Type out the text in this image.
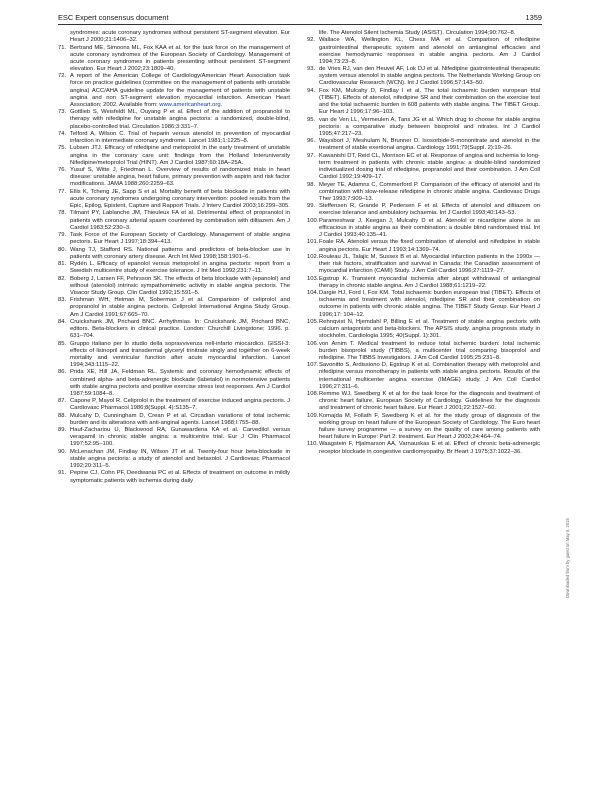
ESC Expert consensus document	1359
syndromes: acute coronary syndromes without persistent ST-segment elevation. Eur Heart J 2000;21:1406–32.
71. Bertrand ME, Simoons ML, Fox KAA et al. for the task force on the management of acute coronary syndromes of the European Society of Cardiology. Management of acute coronary syndromes in patients presenting without persistent ST-segment elevation. Eur Heart J 2002;23:1809–40.
72. A report of the American College of Cardiology/American Heart Association task force on practice guidelines (committee on the management of patients with unstable angina) ACC/AHA guideline update for the management of patients with unstable angina and non ST-segment elevation myocardial infarction. American Heart Association; 2002. Available from: www.americanheart.org.
73. Gottlieb S, Weisfeldt ML, Ouyang P et al. Effect of the addition of propranolol to therapy with nifedipine for unstable angina pectoris: a randomized, double-blind, placebo-controlled trial. Circulation 1986;3:331–7.
74. Telford A, Wilson C. Trial of heparin versus atenolol in prevention of myocardial infarction in intermediate coronary syndrome. Lancet 1981;1:1225–8.
75. Lubsen JTJ. Efficacy of nifedipine and metoprolol in the early treatment of unstable angina in the coronary care unit: findings from the Holland Interuniversity Nifedipine/metoprolol Trial (HINT). Am J Cardiol 1987;60:18A–25A.
76. Yusuf S, Witte J, Friedman L. Overview of results of randomized trials in heart disease: unstable angina, heart failure, primary prevention with aspirin and risk factor modifications. JAMA 1988;260:2259–63.
77. Ellis K, Tcheng JE, Sapp S et al. Mortality benefit of beta blockade in patients with acute coronary syndromes undergoing coronary intervention: pooled results from the Epic, Epilog, Epistent, Capture and Rapport Trials. J Interv Cardiol 2003;16:299–305.
78. Tilmant PY, Lablanche JM, Thieuleux FA et al. Detrimental effect of propranolol in patients with coronary arterial spasm countered by combination with diltiazem. Am J Cardiol 1983;52:230–3.
79. Task Force of the European Society of Cardiology. Management of stable angina pectoris. Eur Heart J 1997;18:394–413.
80. Wang TJ, Stafford RS. National patterns and predictors of beta-blocker use in patients with coronary artery disease. Arch Int Med 1998;158:1901–6.
81. Rydén L. Efficacy of epanolol versus metoprolol in angina pectoris: report from a Swedish multicentre study of exercise tolerance. J Int Med 1992;231:7–11.
82. Boberg J, Larsen FF, Pehrsson SK. The effects of beta blockade with (epanolol) and without (atenolol) intrinsic sympathomimetic activity in stable angina pectoris. The Visacor Study Group. Clin Cardiol 1992;15:591–5.
83. Frishman WH, Heiman M, Soberman J et al. Comparison of celiprolol and propranolol in stable angina pectoris. Celiprolol International Angina Study Group. Am J Cardiol 1991;67:665–70.
84. Cruickshank JM, Prichard BNC. Arrhythmias. In: Cruickshank JM, Prichard BNC, editors. Beta-blockers in clinical practice. London: Churchill Livingstone; 1996. p. 631–704.
85. Gruppo italiano per lo studio della sopravvivenza nell-infarto miocardico. GISSI-3: effects of lisinopril and transdermal glyceryl trinitrate singly and together on 6-week mortality and ventricular function after acute myocardial infarction. Lancet 1994;343:1115–22.
86. Prida XE, Hill JA, Feldman RL. Systemic and coronary hemodynamic effects of combined alpha- and beta-adrenergic blockade (labetalol) in normotensive patients with stable angina pectoris and positive exercise stress test responses. Am J Cardiol 1987;59:1084–8.
87. Capone P, Mayol R. Celiprolol in the treatment of exercise induced angina pectoris. J Cardiovasc Pharmacol 1986;8(Suppl. 4):S135–7.
88. Mulcahy D, Cunningham D, Crean P et al. Circadian variations of total ischemic burden and its alterations with anti-anginal agents. Lancet 1988;I:755–88.
89. Hauf-Zachariou U, Blackwood RA, Gunawardena KA et al. Carvedilol versus verapamil in chronic stable angina: a multicentre trial. Eur J Clin Pharmacol 1997;52:95–100.
90. McLenachan JM, Findlay IN, Wilson JT et al. Twenty-four hour beta-blockade in stable angina pectoris: a study of atenolol and betaxolol. J Cardiovasc Pharmacol 1992;20:311–5.
91. Pepine CJ, Cohn PF, Deedwania PC et al. Effects of treatment on outcome in mildly symptomatic patients with ischemia during daily
life. The Atenolol Silent Ischemia Study (ASIST). Circulation 1994;90:762–8.
92. Wallace WA, Wellington KL, Chess MA et al. Comparison of nifedipine gastrointestinal therapeutic system and atenolol on antianginal efficacies and exercise hemodynamic responses in stable angina pectoris. Am J Cardiol 1994;73:23–8.
93. de Vries RJ, van den Heuvel AF, Lok DJ et al. Nifedipine gastrointestinal therapeutic system versus atenolol in stable angina pectoris. The Netherlands Working Group on Cardiovascular Research (WCN). Int J Cardiol 1996;57:143–50.
94. Fox KM, Mulcahy D, Findlay I et al. The total ischaemic burden european trial (TIBET). Effects of atenolol, nifedipine SR and their combination on the exercise test and the total ischaemic burden in 608 patients with stable angina. The TIBET Group. Eur Heart J 1996;17:96–103.
95. van de Ven LL, Vermeulen A, Tans JG et al. Which drug to choose for stable angina pectoris: a comparative study between bisoprolol and nitrates. Int J Cardiol 1995;47:217–23.
96. Waysbort J, Meshulam N, Brunner D. Isosorbide-5-mononitrate and atenolol in the treatment of stable exertional angina. Cardiology 1991;79(Suppl. 2):19–26.
97. Kawanishi DT, Reid CL, Morrison EC et al. Response of angina and ischemia to long-term treatment in patients with chronic stable angina: a double-blind randomized individualized dosing trial of nifedipine, propranolol and their combination. J Am Coll Cardiol 1992;19:409–17.
98. Meyer TE, Adamns C, Commerford P. Comparison of the efficacy of atenolol and its combination with slow-release nifedipine in chronic stable angina. Cardiovasc Drugs Ther 1993;7:909–13.
99. Steffensen R, Grande P, Pedersen F et al. Effects of atenolol and diltiazem on exercise tolerance and ambulatory ischaemia. Int J Cardiol 1993;40:143–53.
100. Parameshwar J, Keegan J, Mulcahy D et al. Atenolol or nicardipine alone is as efficacious in stable angina as their combination: a double blind randomised trial. Int J Cardiol 1993;40:135–41.
101. Foale RA. Atenolol versus the fixed combination of atenolol and nifedipine in stable angina pectoris. Eur Heart J 1993;14:1369–74.
102. Rouleau JL, Talajic M, Sussex B et al. Myocardial infarction patients in the 1990s — their risk factors, stratification and survival in Canada: the Canadian assessment of myocardial infarction (CAMI) Study. J Am Coll Cardiol 1996;27:1119–27.
103. Egstrup K. Transient myocardial ischemia after abrupt withdrawal of antianginal therapy in chronic stable angina. Am J Cardiol 1988;61:1219–22.
104. Dargie HJ, Ford I, Fox KM. Total ischaemic burden european trial (TIBET). Effects of ischaemia and treatment with atenolol, nifedipine SR and their combination on outcome in patients with chronic stable angina. The TIBET Study Group. Eur Heart J 1996;17: 104–12.
105. Rehnqvist N, Hjemdahl P, Billing E et al. Treatment of stable angina pectoris with calcium antagonists and beta-blockers. The APSIS study. angina prognosis study in stockholm. Cardiologia 1995; 40(Suppl. 1):301.
106. von Arnim T. Medical treatment to reduce total ischemic burden: total ischemic burden bisoprolol study (TIBBS), a multicenter trial comparing bisoprolol and nifedipine. The TIBBS Investigators. J Am Coll Cardiol 1995;25:231–8.
107. Savonitto S, Ardissiono D, Egstrup K et al. Combination therapy with metoprolol and nifedipine versus monotherapy in patients with stable angina pectoris. Results of the international multicenter angina exercise (IMAGE) study. J Am Coll Cardiol 1996;27:311–6.
108. Remme WJ, Swedberg K et al for the task force for the diagnosis and treatment of chronic heart failure, European Society of Cardiology. Guidelines for the diagnosis and treatment of chronic heart failure. Eur Heart J 2001;22:1527–60.
109. Komajda M, Follath F, Swedberg K et al. for the study group of diagnosis of the working group on heart failure of the European Society of Cardiology. The Euro heart failure survey programme — a survey on the quality of care among patients with heart failure in Europe: Part 2: treatment. Eur Heart J 2003;24:464–74.
110. Waagstein F, Hjalmarson AA, Varnauskas E et al. Effect of chronic beta-adrenergic receptor blockade in congestive cardiomyopathy. Br Heart J 1975;37:1022–36.
Downloaded from by guest on May 5, 2015
